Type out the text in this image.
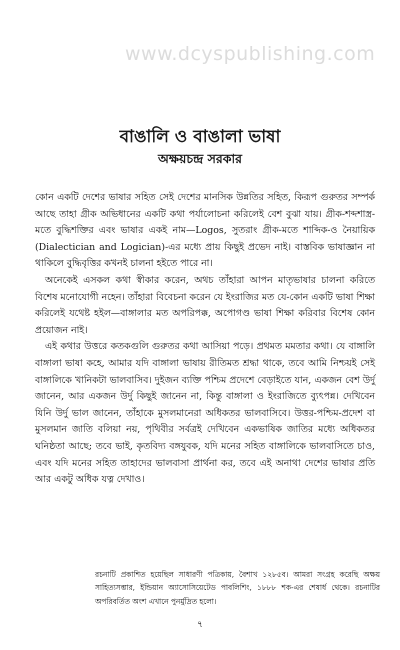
www.dcyspublishing.com
বাঙালি ও বাঙালা ভাষা
অক্ষয়চন্দ্র সরকার

কোন একটি দেশের ভাষার সহিত সেই দেশের মানসিক উন্নতির সহিত, কিরূপ গুরুতর সম্পর্ক আছে তাহা গ্রীক অভিধানের একটি কথা পর্যালোচনা করিলেই বেশ বুঝা যায়। গ্রীক-শব্দশাস্ত্র-মতে বুদ্ধিশক্তির এবং ভাষার একই নাম—Logos, সুতরাং গ্রীক-মতে শাব্দিক-ও নৈয়ায়িক (Dialectician and Logician)-এর মধ্যে প্রায় কিছুই প্রভেদ নাই। বাস্তবিক ভাষাজ্ঞান না থাকিলে বুদ্ধিবৃত্তির কখনই চালনা হইতে পারে না।

অনেকেই এসকল কথা স্বীকার করেন, অথচ তাঁহারা আপন মাতৃভাষার চালনা করিতে বিশেষ মনোযোগী নহেন। তাঁহারা বিবেচনা করেন যে ইংরাজির মত যে-কোন একটি ভাষা শিক্ষা করিলেই যথেষ্ট হইল—বাঙ্গালার মত অপরিপক্ক, অপোগণ্ড ভাষা শিক্ষা করিবার বিশেষ কোন প্রয়োজন নাই।

এই কথার উত্তরে কতকগুলি গুরুতর কথা আসিয়া পড়ে। প্রথমত মমতার কথা। যে বাঙ্গালি বাঙ্গালা ভাষা কহে, আমার যদি বাঙ্গালা ভাষায় রীতিমত শ্রদ্ধা থাকে, তবে আমি নিশ্চয়ই সেই বাঙ্গালিকে খানিকটা ভালবাসিব। দুইজন ব্যক্তি পশ্চিম প্রদেশে বেড়াইতে যান, একজন বেশ উর্দু জানেন, আর একজন উর্দু কিছুই জানেন না, কিন্তু বাঙ্গালা ও ইংরাজিতে ব্যুৎপন্ন। দেখিবেন যিনি উর্দু ভাল জানেন, তাঁহাকে মুসলমানেরা অধিকতর ভালবাসিবে। উত্তর-পশ্চিম-প্রদেশ বা মুসলমান জাতি বলিয়া নয়, পৃথিবীর সর্বত্রই দেখিবেন একভাষিক জাতির মধ্যে অধিকতর ঘনিষ্ঠতা আছে; তবে ভাই, কৃতবিদ্য বঙ্গযুবক, যদি মনের সহিত বাঙ্গালিকে ভালবাসিতে চাও, এবং যদি মনের সহিত তাহাদের ভালবাসা প্রার্থনা কর, তবে এই অনাথা দেশের ভাষার প্রতি আর একটু অধিক যত্ন দেখাও।

রচনাটি প্রকাশিত হয়েছিল সাধারণী পত্রিকায়, বৈশাখ ১২৮৫ব। আমরা সংগ্রহ করেছি অক্ষয় সাহিত্যসম্ভার, ইন্ডিয়ান অ্যাসোসিয়েটেড পাবলিশিং, ১৮৮৮ শক-এর শেষার্ধ থেকে। রচনাটির অপরিবর্তিত অংশ এখানে পুনর্মুদ্রিত হলো।

৭
